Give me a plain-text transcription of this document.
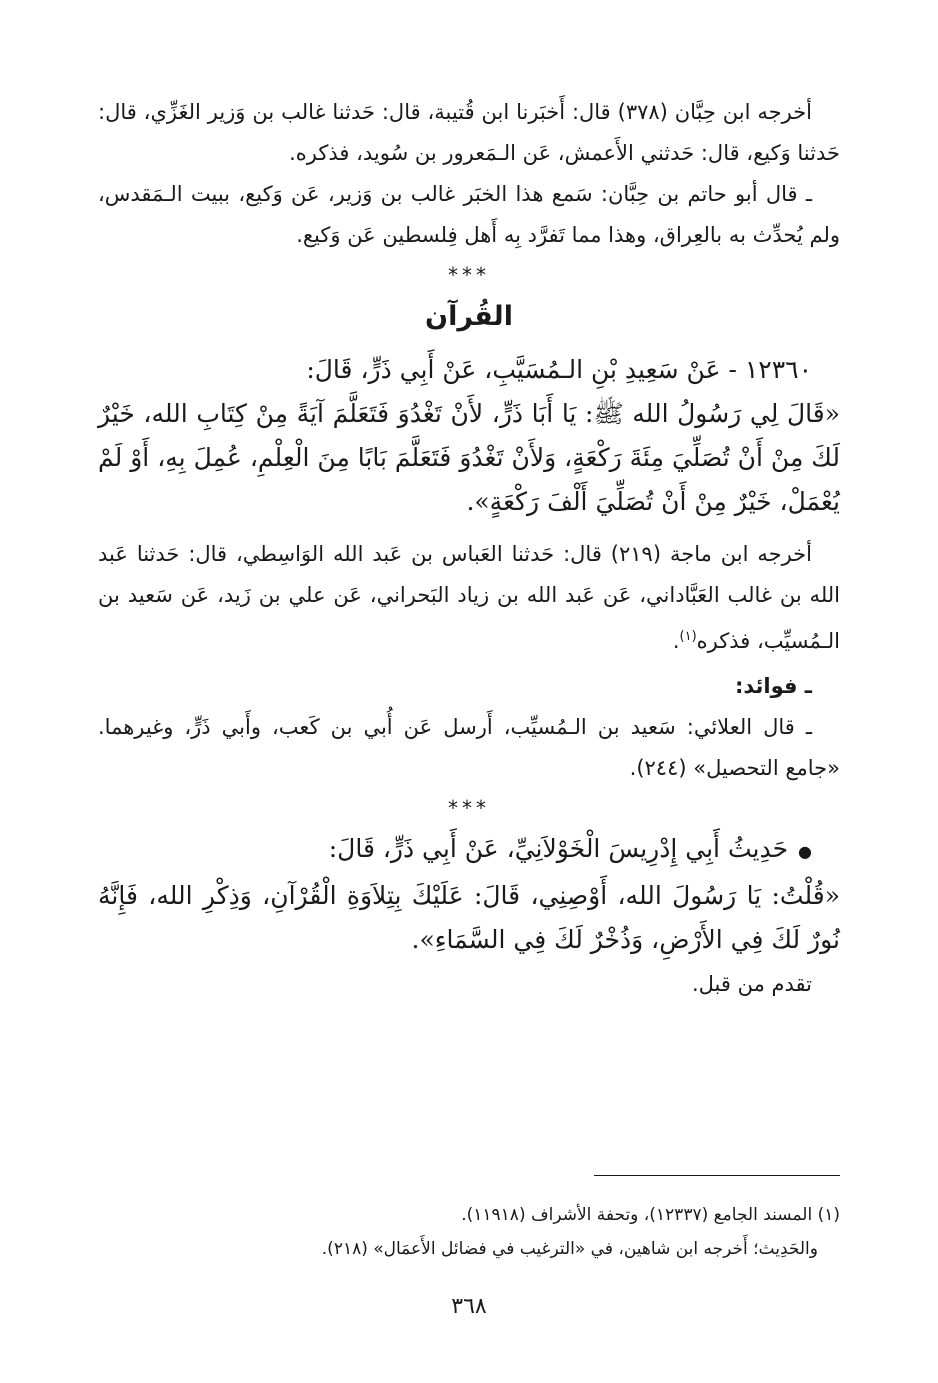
أخرجه ابن حِبَّان (٣٧٨) قال: أَخبَرنا ابن قُتيبة، قال: حَدثنا غالب بن وَزير الغَزِّي، قال: حَدثنا وَكيع، قال: حَدثني الأَعمش، عَن الـمَعرور بن سُويد، فذكره.

ـ قال أبو حاتم بن حِبَّان: سَمع هذا الخبَر غالب بن وَزير، عَن وَكيع، ببيت الـمَقدس، ولم يُحدِّث به بالعِراق، وهذا مما تَفرَّد بِه أَهل فِلسطين عَن وَكيع.

***
القُرآن

١٢٣٦٠ - عَنْ سَعِيدِ بْنِ الـمُسَيَّبِ، عَنْ أَبِي ذَرٍّ، قَالَ:

«قَالَ لِي رَسُولُ الله ﷺ: يَا أَبَا ذَرٍّ، لأَنْ تَغْدُوَ فَتَعَلَّمَ آيَةً مِنْ كِتَابِ الله، خَيْرٌ لَكَ مِنْ أَنْ تُصَلِّيَ مِئَةَ رَكْعَةٍ، وَلأَنْ تَغْدُوَ فَتَعَلَّمَ بَابًا مِنَ الْعِلْمِ، عُمِلَ بِهِ، أَوْ لَمْ يُعْمَلْ، خَيْرٌ مِنْ أَنْ تُصَلِّيَ أَلْفَ رَكْعَةٍ».

أخرجه ابن ماجة (٢١٩) قال: حَدثنا العَباس بن عَبد الله الوَاسِطي، قال: حَدثنا عَبد الله بن غالب العَبَّاداني، عَن عَبد الله بن زياد البَحراني، عَن علي بن زَيد، عَن سَعيد بن الـمُسيِّب، فذكره$^{(١)}$.

ـ فوائد:

ـ قال العلائي: سَعيد بن الـمُسيِّب، أَرسل عَن أُبي بن كَعب، وأَبي ذَرٍّ، وغيرهما. «جامع التحصيل» (٢٤٤).

***

●حَدِيثُ أَبِي إِدْرِيسَ الْخَوْلاَنِيِّ، عَنْ أَبِي ذَرٍّ، قَالَ:

«قُلْتُ: يَا رَسُولَ الله، أَوْصِنِي، قَالَ: عَلَيْكَ بِتِلاَوَةِ الْقُرْآنِ، وَذِكْرِ الله، فَإِنَّهُ نُورٌ لَكَ فِي الأَرْضِ، وَذُخْرٌ لَكَ فِي السَّمَاءِ».

تقدم من قبل.

(١) المسند الجامع (١٢٣٣٧)، وتحفة الأشراف (١١٩١٨).

والحَدِيث؛ أَخرجه ابن شاهين، في «الترغيب في فضائل الأَعمَال» (٢١٨).

٣٦٨
